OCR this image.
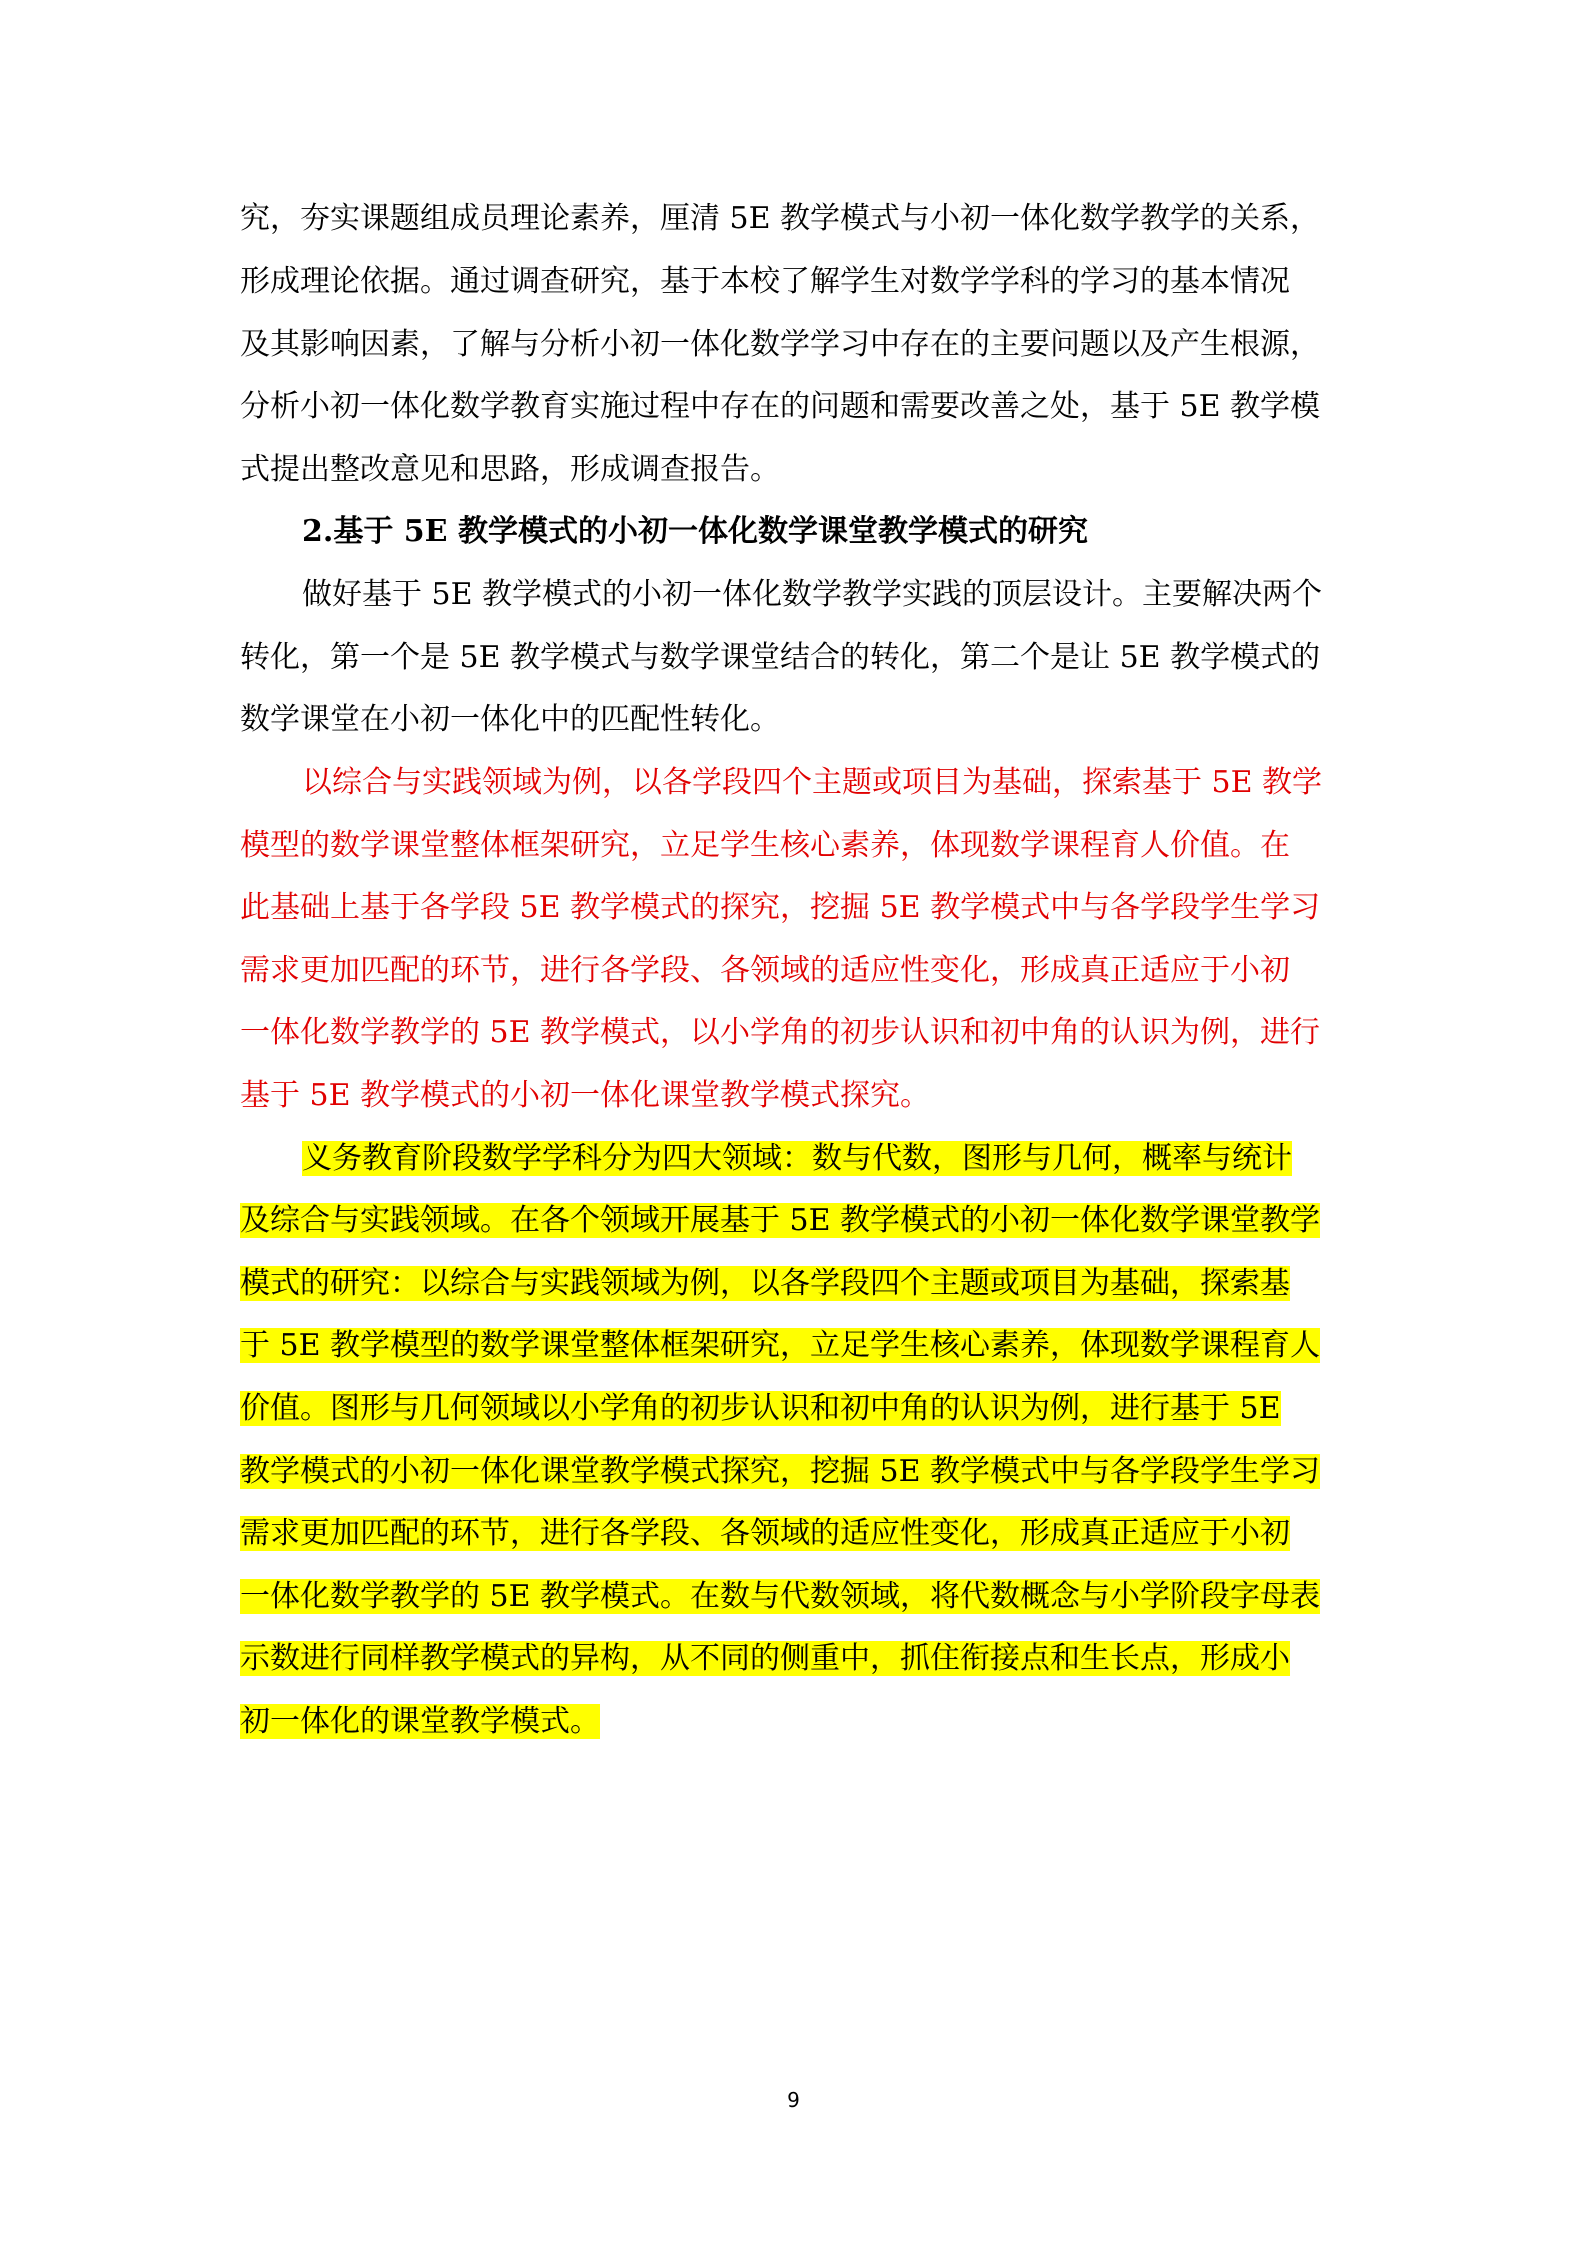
究，夯实课题组成员理论素养，厘清 5E 教学模式与小初一体化数学教学的关系，
形成理论依据。通过调查研究，基于本校了解学生对数学学科的学习的基本情况
及其影响因素，了解与分析小初一体化数学学习中存在的主要问题以及产生根源，
分析小初一体化数学教育实施过程中存在的问题和需要改善之处，基于 5E 教学模
式提出整改意见和思路，形成调查报告。
2.基于 5E 教学模式的小初一体化数学课堂教学模式的研究
做好基于 5E 教学模式的小初一体化数学教学实践的顶层设计。主要解决两个
转化，第一个是 5E 教学模式与数学课堂结合的转化，第二个是让 5E 教学模式的
数学课堂在小初一体化中的匹配性转化。
以综合与实践领域为例，以各学段四个主题或项目为基础，探索基于 5E 教学
模型的数学课堂整体框架研究，立足学生核心素养，体现数学课程育人价值。在
此基础上基于各学段 5E 教学模式的探究，挖掘 5E 教学模式中与各学段学生学习
需求更加匹配的环节，进行各学段、各领域的适应性变化，形成真正适应于小初
一体化数学教学的 5E 教学模式，以小学角的初步认识和初中角的认识为例，进行
基于 5E 教学模式的小初一体化课堂教学模式探究。
义务教育阶段数学学科分为四大领域：数与代数，图形与几何，概率与统计
及综合与实践领域。在各个领域开展基于 5E 教学模式的小初一体化数学课堂教学
模式的研究：以综合与实践领域为例，以各学段四个主题或项目为基础，探索基
于 5E 教学模型的数学课堂整体框架研究，立足学生核心素养，体现数学课程育人
价值。图形与几何领域以小学角的初步认识和初中角的认识为例，进行基于 5E
教学模式的小初一体化课堂教学模式探究，挖掘 5E 教学模式中与各学段学生学习
需求更加匹配的环节，进行各学段、各领域的适应性变化，形成真正适应于小初
一体化数学教学的 5E 教学模式。在数与代数领域，将代数概念与小学阶段字母表
示数进行同样教学模式的异构，从不同的侧重中，抓住衔接点和生长点，形成小
初一体化的课堂教学模式。
9
